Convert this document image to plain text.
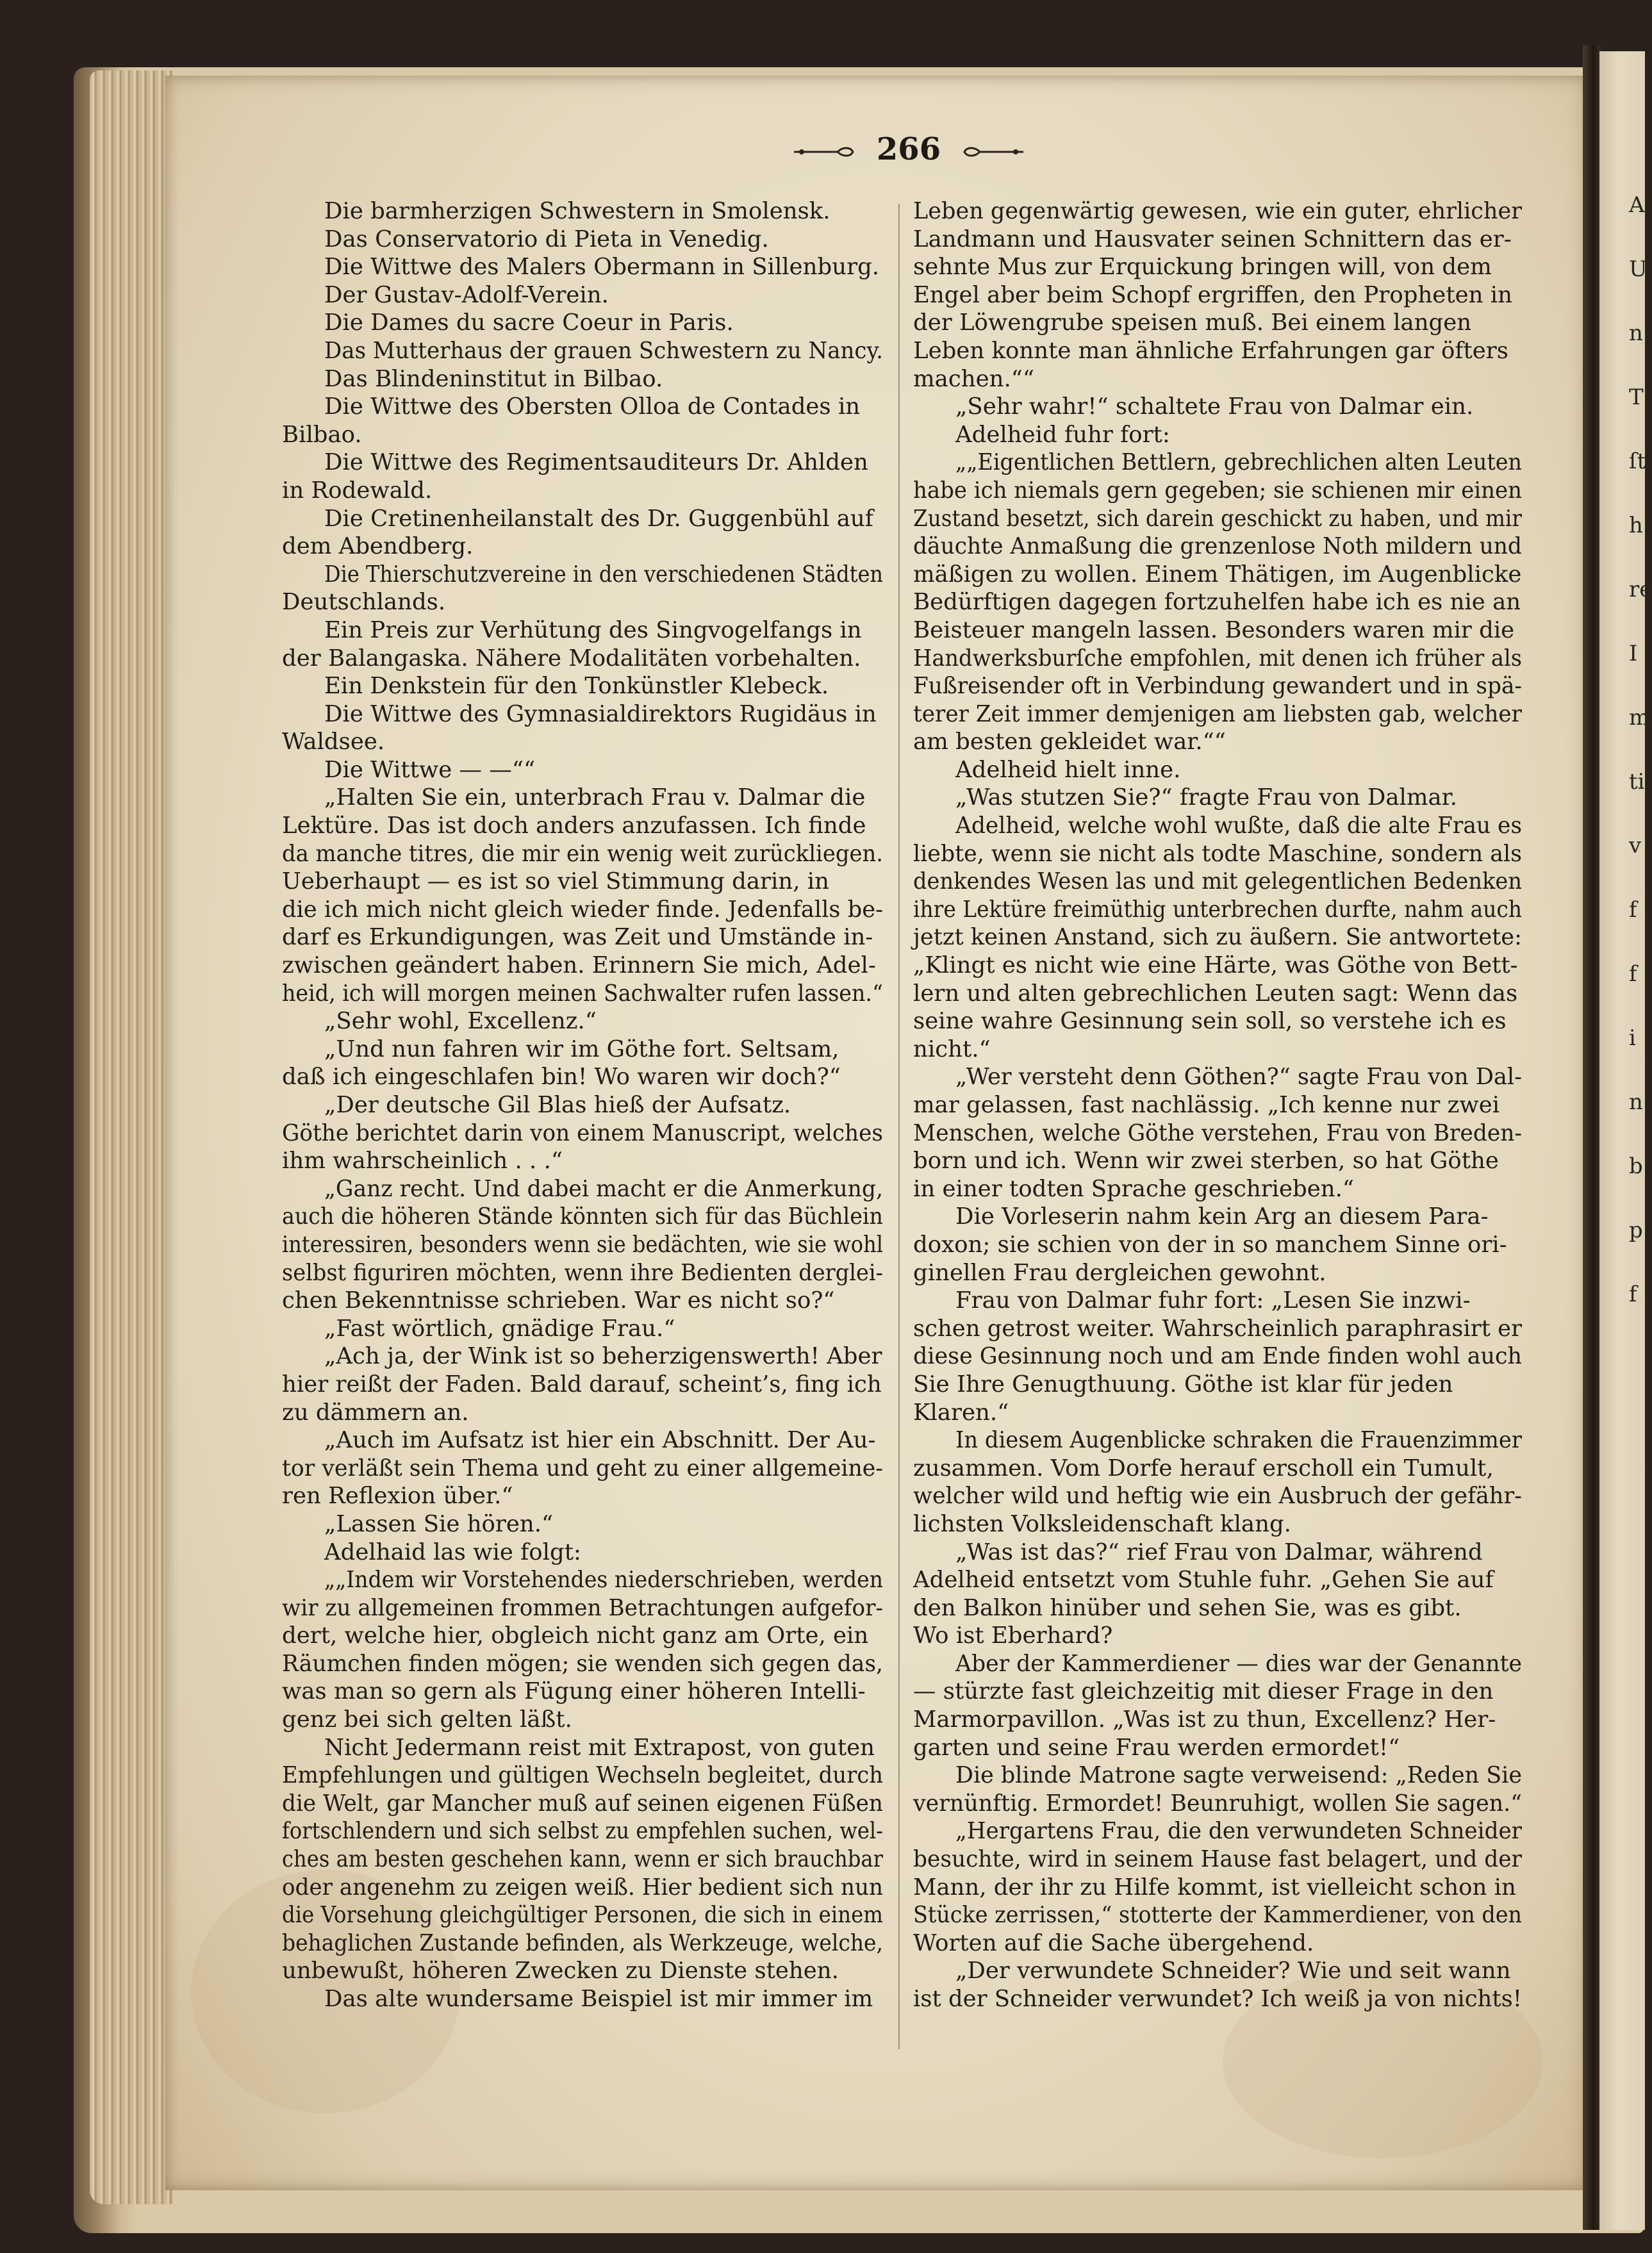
A
U
n
T
ſt
h
re
I
m
ti
v
f
f
i
n
b
p
f
266
Die barmherzigen Schwestern in Smolensk.
Das Conservatorio di Pieta in Venedig.
Die Wittwe des Malers Obermann in Sillenburg.
Der Gustav-Adolf-Verein.
Die Dames du sacre Coeur in Paris.
Das Mutterhaus der grauen Schwestern zu Nancy.
Das Blindeninstitut in Bilbao.
Die Wittwe des Obersten Olloa de Contades in
Bilbao.
Die Wittwe des Regimentsauditeurs Dr. Ahlden
in Rodewald.
Die Cretinenheilanstalt des Dr. Guggenbühl auf
dem Abendberg.
Die Thierschutzvereine in den verschiedenen Städten
Deutschlands.
Ein Preis zur Verhütung des Singvogelfangs in
der Balangaska. Nähere Modalitäten vorbehalten.
Ein Denkstein für den Tonkünstler Klebeck.
Die Wittwe des Gymnasialdirektors Rugidäus in
Waldsee.
Die Wittwe — —““
„Halten Sie ein, unterbrach Frau v. Dalmar die
Lektüre. Das ist doch anders anzufassen. Ich finde
da manche titres, die mir ein wenig weit zurückliegen.
Ueberhaupt — es ist so viel Stimmung darin, in
die ich mich nicht gleich wieder finde. Jedenfalls be-
darf es Erkundigungen, was Zeit und Umstände in-
zwischen geändert haben. Erinnern Sie mich, Adel-
heid, ich will morgen meinen Sachwalter rufen lassen.“
„Sehr wohl, Excellenz.“
„Und nun fahren wir im Göthe fort. Seltsam,
daß ich eingeschlafen bin! Wo waren wir doch?“
„Der deutsche Gil Blas hieß der Aufsatz.
Göthe berichtet darin von einem Manuscript, welches
ihm wahrscheinlich . . .“
„Ganz recht. Und dabei macht er die Anmerkung,
auch die höheren Stände könnten sich für das Büchlein
interessiren, besonders wenn sie bedächten, wie sie wohl
selbst figuriren möchten, wenn ihre Bedienten derglei-
chen Bekenntnisse schrieben. War es nicht so?“
„Fast wörtlich, gnädige Frau.“
„Ach ja, der Wink ist so beherzigenswerth! Aber
hier reißt der Faden. Bald darauf, scheint’s, fing ich
zu dämmern an.
„Auch im Aufsatz ist hier ein Abschnitt. Der Au-
tor verläßt sein Thema und geht zu einer allgemeine-
ren Reflexion über.“
„Lassen Sie hören.“
Adelhaid las wie folgt:
„„Indem wir Vorstehendes niederschrieben, werden
wir zu allgemeinen frommen Betrachtungen aufgefor-
dert, welche hier, obgleich nicht ganz am Orte, ein
Räumchen finden mögen; sie wenden sich gegen das,
was man so gern als Fügung einer höheren Intelli-
genz bei sich gelten läßt.
Nicht Jedermann reist mit Extrapost, von guten
Empfehlungen und gültigen Wechseln begleitet, durch
die Welt, gar Mancher muß auf seinen eigenen Füßen
fortschlendern und sich selbst zu empfehlen suchen, wel-
ches am besten geschehen kann, wenn er sich brauchbar
oder angenehm zu zeigen weiß. Hier bedient sich nun
die Vorsehung gleichgültiger Personen, die sich in einem
behaglichen Zustande befinden, als Werkzeuge, welche,
unbewußt, höheren Zwecken zu Dienste stehen.
Das alte wundersame Beispiel ist mir immer im
Leben gegenwärtig gewesen, wie ein guter, ehrlicher
Landmann und Hausvater seinen Schnittern das er-
sehnte Mus zur Erquickung bringen will, von dem
Engel aber beim Schopf ergriffen, den Propheten in
der Löwengrube speisen muß. Bei einem langen
Leben konnte man ähnliche Erfahrungen gar öfters
machen.““
„Sehr wahr!“ schaltete Frau von Dalmar ein.
Adelheid fuhr fort:
„„Eigentlichen Bettlern, gebrechlichen alten Leuten
habe ich niemals gern gegeben; sie schienen mir einen
Zustand besetzt, sich darein geschickt zu haben, und mir
däuchte Anmaßung die grenzenlose Noth mildern und
mäßigen zu wollen. Einem Thätigen, im Augenblicke
Bedürftigen dagegen fortzuhelfen habe ich es nie an
Beisteuer mangeln lassen. Besonders waren mir die
Handwerksburſche empfohlen, mit denen ich früher als
Fußreisender oft in Verbindung gewandert und in spä-
terer Zeit immer demjenigen am liebsten gab, welcher
am besten gekleidet war.““
Adelheid hielt inne.
„Was stutzen Sie?“ fragte Frau von Dalmar.
Adelheid, welche wohl wußte, daß die alte Frau es
liebte, wenn sie nicht als todte Maschine, sondern als
denkendes Wesen las und mit gelegentlichen Bedenken
ihre Lektüre freimüthig unterbrechen durfte, nahm auch
jetzt keinen Anstand, sich zu äußern. Sie antwortete:
„Klingt es nicht wie eine Härte, was Göthe von Bett-
lern und alten gebrechlichen Leuten sagt: Wenn das
seine wahre Gesinnung sein soll, so verstehe ich es
nicht.“
„Wer versteht denn Göthen?“ sagte Frau von Dal-
mar gelassen, fast nachlässig. „Ich kenne nur zwei
Menschen, welche Göthe verstehen, Frau von Breden-
born und ich. Wenn wir zwei sterben, so hat Göthe
in einer todten Sprache geschrieben.“
Die Vorleserin nahm kein Arg an diesem Para-
doxon; sie schien von der in so manchem Sinne ori-
ginellen Frau dergleichen gewohnt.
Frau von Dalmar fuhr fort: „Lesen Sie inzwi-
schen getrost weiter. Wahrscheinlich paraphrasirt er
diese Gesinnung noch und am Ende finden wohl auch
Sie Ihre Genugthuung. Göthe ist klar für jeden
Klaren.“
In diesem Augenblicke schraken die Frauenzimmer
zusammen. Vom Dorfe herauf erscholl ein Tumult,
welcher wild und heftig wie ein Ausbruch der gefähr-
lichsten Volksleidenschaft klang.
„Was ist das?“ rief Frau von Dalmar, während
Adelheid entsetzt vom Stuhle fuhr. „Gehen Sie auf
den Balkon hinüber und sehen Sie, was es gibt.
Wo ist Eberhard?
Aber der Kammerdiener — dies war der Genannte
— stürzte fast gleichzeitig mit dieser Frage in den
Marmorpavillon. „Was ist zu thun, Excellenz? Her-
garten und seine Frau werden ermordet!“
Die blinde Matrone sagte verweisend: „Reden Sie
vernünftig. Ermordet! Beunruhigt, wollen Sie sagen.“
„Hergartens Frau, die den verwundeten Schneider
besuchte, wird in seinem Hause fast belagert, und der
Mann, der ihr zu Hilfe kommt, ist vielleicht schon in
Stücke zerrissen,“ stotterte der Kammerdiener, von den
Worten auf die Sache übergehend.
„Der verwundete Schneider? Wie und seit wann
ist der Schneider verwundet? Ich weiß ja von nichts!
